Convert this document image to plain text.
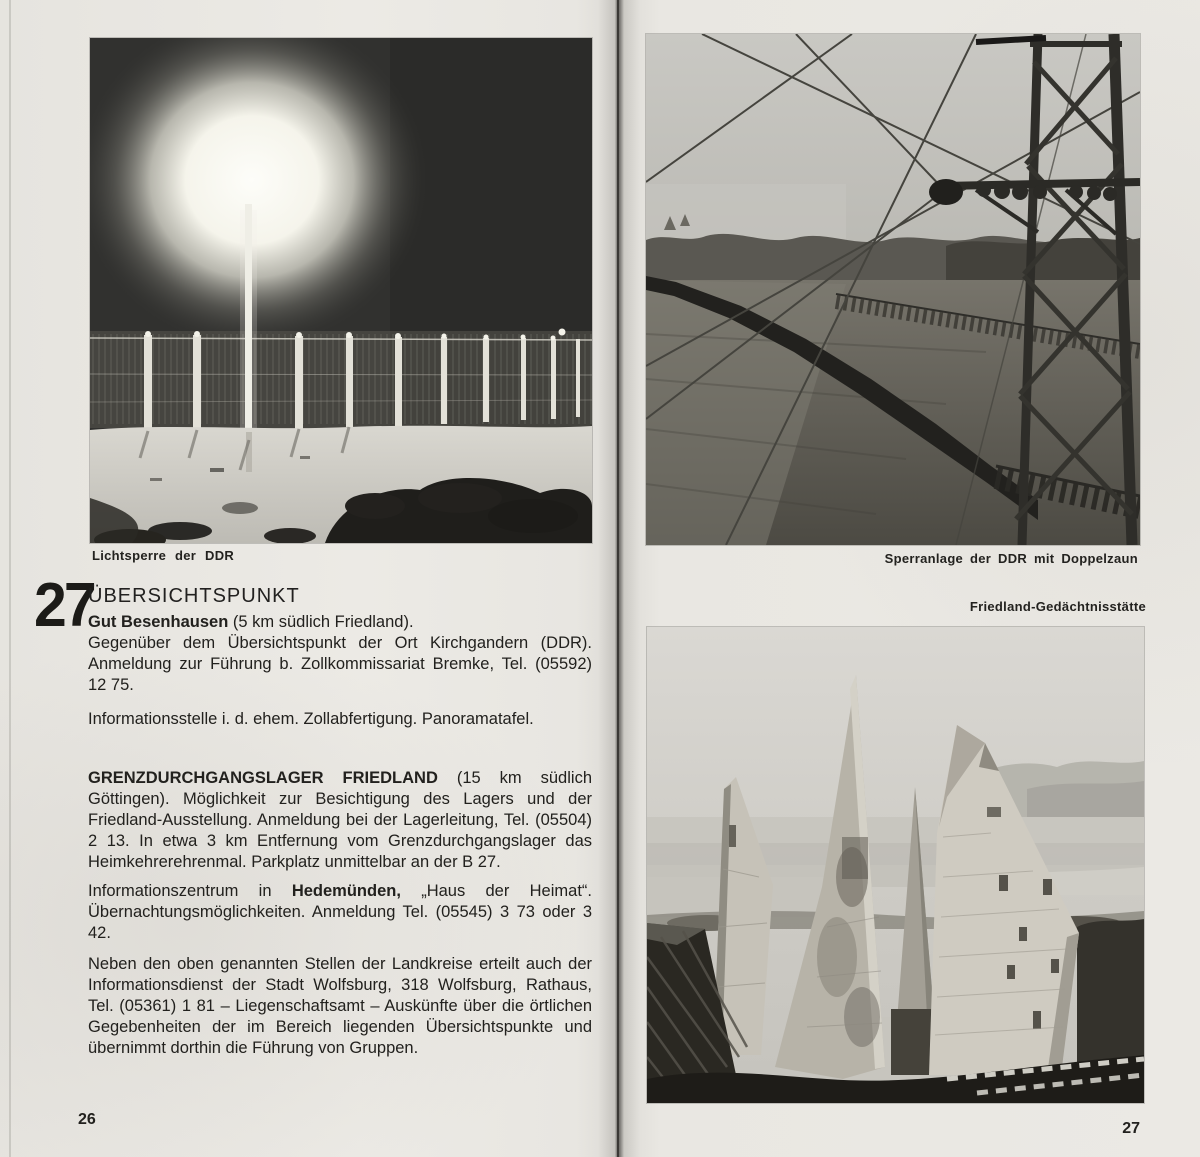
Lichtsperre der DDR
27
ÜBERSICHTSPUNKT
Gut Besenhausen (5 km südlich Friedland).

Gegenüber dem Übersichtspunkt der Ort Kirchgandern (DDR). Anmeldung zur Führung b. Zollkommissariat Bremke, Tel. (05592) 12 75.

Informationsstelle i. d. ehem. Zollabfertigung. Panoramatafel.

GRENZDURCHGANGSLAGER FRIEDLAND (15 km südlich Göttingen). Möglichkeit zur Besichtigung des Lagers und der Friedland-Ausstellung. Anmeldung bei der Lagerleitung, Tel. (05504) 2 13. In etwa 3 km Entfernung vom Grenzdurchgangslager das Heimkehrerehrenmal. Parkplatz unmittelbar an der B 27.

Informationszentrum in Hedemünden, „Haus der Heimat“. Übernachtungsmöglichkeiten. Anmeldung Tel. (05545) 3 73 oder 3 42.

Neben den oben genannten Stellen der Landkreise erteilt auch der Informationsdienst der Stadt Wolfsburg, 318 Wolfsburg, Rathaus, Tel. (05361) 1 81 – Liegenschaftsamt – Auskünfte über die örtlichen Gegebenheiten der im Bereich liegenden Übersichtspunkte und übernimmt dorthin die Führung von Gruppen.

26
Sperranlage der DDR mit Doppelzaun
Friedland-Gedächtnisstätte
27
